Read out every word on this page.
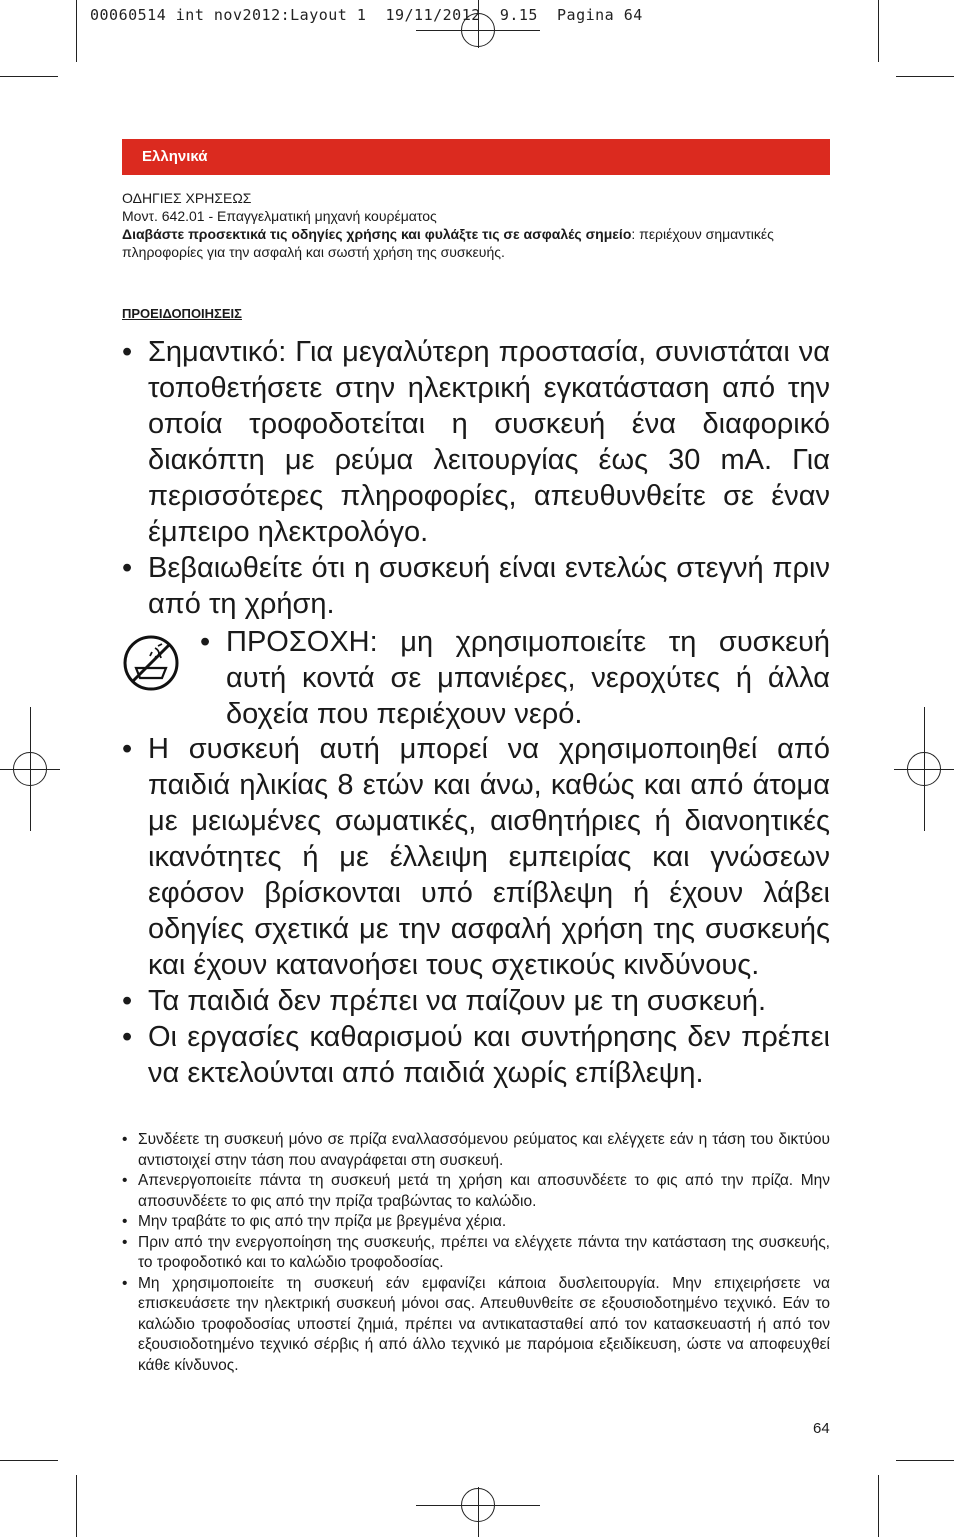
00060514 int nov2012:Layout 1  19/11/2012  9.15  Pagina 64
Ελληνικά
ΟΔΗΓΙΕΣ ΧΡΗΣΕΩΣ
Μοντ. 642.01 - Επαγγελματική μηχανή κουρέματος
Διαβάστε προσεκτικά τις οδηγίες χρήσης και φυλάξτε τις σε ασφαλές σημείο: περιέχουν σημαντικές πληροφορίες για την ασφαλή και σωστή χρήση της συσκευής.
ΠΡΟΕΙΔΟΠΟΙΗΣΕΙΣ
• Σημαντικό: Για μεγαλύτερη προστασία, συνιστάται να τοποθετήσετε στην ηλεκτρική εγκατάσταση από την οποία τροφοδοτείται η συσκευή ένα διαφορικό διακόπτη με ρεύμα λειτουργίας έως 30 mA. Για περισσότερες πληροφορίες, απευθυνθείτε σε έναν έμπειρο ηλεκτρολόγο.
• Βεβαιωθείτε ότι η συσκευή είναι εντελώς στεγνή πριν από τη χρήση.
• ΠΡΟΣΟΧΗ: μη χρησιμοποιείτε τη συσκευή αυτή κοντά σε μπανιέρες, νεροχύτες ή άλλα δοχεία που περιέχουν νερό.
• Η συσκευή αυτή μπορεί να χρησιμοποιηθεί από παιδιά ηλικίας 8 ετών και άνω, καθώς και από άτομα με μειωμένες σωματικές, αισθητήριες ή διανοητικές ικανότητες ή με έλλειψη εμπειρίας και γνώσεων εφόσον βρίσκονται υπό επίβλεψη ή έχουν λάβει οδηγίες σχετικά με την ασφαλή χρήση της συσκευής και έχουν κατανοήσει τους σχετικούς κινδύνους.
• Τα παιδιά δεν πρέπει να παίζουν με τη συσκευή.
• Οι εργασίες καθαρισμού και συντήρησης δεν πρέπει να εκτελούνται από παιδιά χωρίς επίβλεψη.
• Συνδέετε τη συσκευή μόνο σε πρίζα εναλλασσόμενου ρεύματος και ελέγχετε εάν η τάση του δικτύου αντιστοιχεί στην τάση που αναγράφεται στη συσκευή.
• Απενεργοποιείτε πάντα τη συσκευή μετά τη χρήση και αποσυνδέετε το φις από την πρίζα. Μην αποσυνδέετε το φις από την πρίζα τραβώντας το καλώδιο.
• Μην τραβάτε το φις από την πρίζα με βρεγμένα χέρια.
• Πριν από την ενεργοποίηση της συσκευής, πρέπει να ελέγχετε πάντα την κατάσταση της συσκευής, το τροφοδοτικό και το καλώδιο τροφοδοσίας.
• Μη χρησιμοποιείτε τη συσκευή εάν εμφανίζει κάποια δυσλειτουργία. Μην επιχειρήσετε να επισκευάσετε την ηλεκτρική συσκευή μόνοι σας. Απευθυνθείτε σε εξουσιοδοτημένο τεχνικό. Εάν το καλώδιο τροφοδοσίας υποστεί ζημιά, πρέπει να αντικατασταθεί από τον κατασκευαστή ή από τον εξουσιοδοτημένο τεχνικό σέρβις ή από άλλο τεχνικό με παρόμοια εξειδίκευση, ώστε να αποφευχθεί κάθε κίνδυνος.
64
